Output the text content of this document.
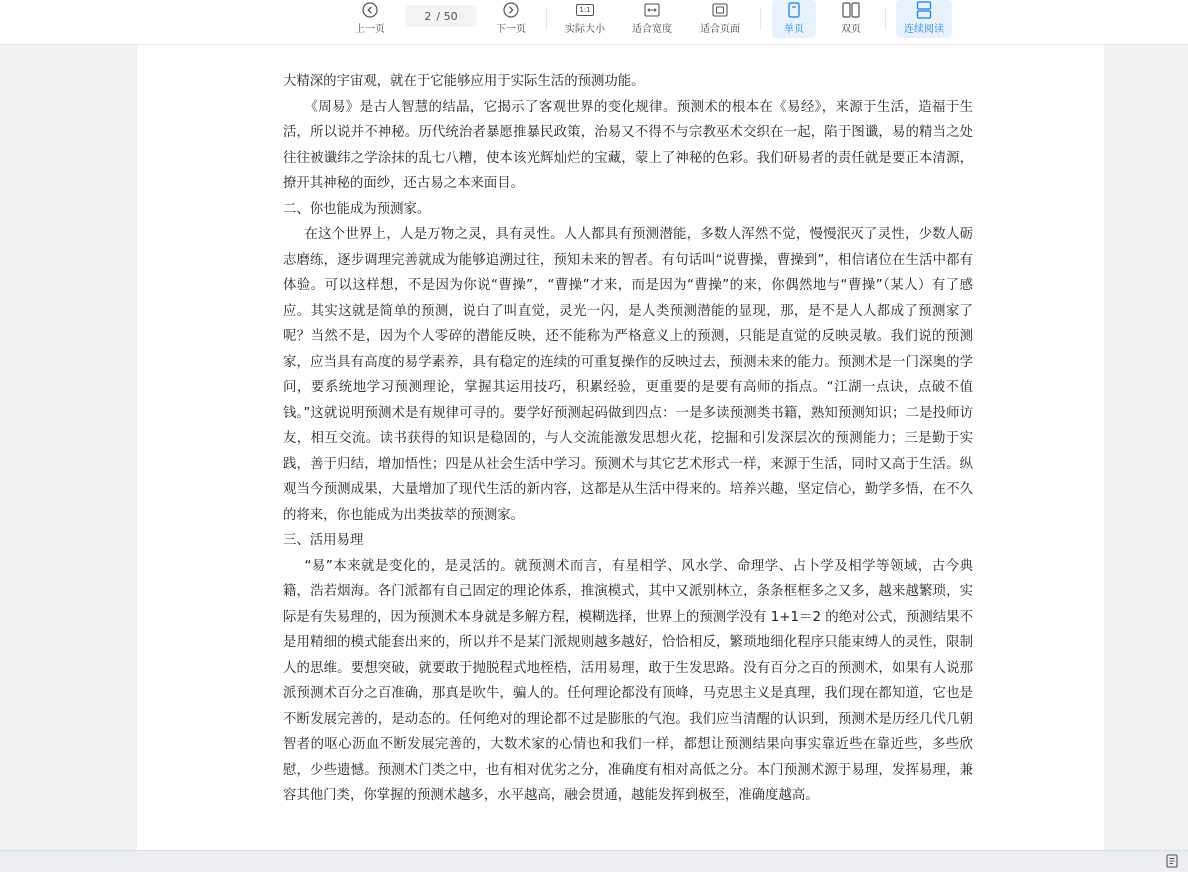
上一页
2 / 50
下一页
1:1
实际大小	适合宽度	适合页面	单页	双页	连续阅读

大精深的宇宙观，就在于它能够应用于实际生活的预测功能。

《周易》是古人智慧的结晶，它揭示了客观世界的变化规律。预测术的根本在《易经》，来源于生活，造福于生活，所以说并不神秘。历代统治者暴愿推暴民政策，治易又不得不与宗教巫术交织在一起，陷于图谶，易的精当之处往往被谶纬之学涂抹的乱七八糟，使本该光辉灿烂的宝藏，蒙上了神秘的色彩。我们研易者的责任就是要正本清源，撩开其神秘的面纱，还古易之本来面目。

二、你也能成为预测家。

在这个世界上，人是万物之灵，具有灵性。人人都具有预测潜能，多数人浑然不觉，慢慢泯灭了灵性，少数人砺志磨练，逐步调理完善就成为能够追溯过往，预知未来的智者。有句话叫“说曹操，曹操到”，相信诸位在生活中都有体验。可以这样想，不是因为你说“曹操”，“曹操”才来，而是因为“曹操”的来，你偶然地与“曹操”（某人）有了感应。其实这就是简单的预测，说白了叫直觉，灵光一闪，是人类预测潜能的显现，那，是不是人人都成了预测家了呢？当然不是，因为个人零碎的潜能反映，还不能称为严格意义上的预测，只能是直觉的反映灵敏。我们说的预测家，应当具有高度的易学素养，具有稳定的连续的可重复操作的反映过去，预测未来的能力。预测术是一门深奥的学问，要系统地学习预测理论，掌握其运用技巧，积累经验，更重要的是要有高师的指点。“江湖一点诀，点破不值钱。”这就说明预测术是有规律可寻的。要学好预测起码做到四点：一是多读预测类书籍，熟知预测知识；二是投师访友，相互交流。读书获得的知识是稳固的，与人交流能激发思想火花，挖掘和引发深层次的预测能力；三是勤于实践，善于归结，增加悟性；四是从社会生活中学习。预测术与其它艺术形式一样，来源于生活，同时又高于生活。纵观当今预测成果，大量增加了现代生活的新内容，这都是从生活中得来的。培养兴趣，坚定信心，勤学多悟，在不久的将来，你也能成为出类拔萃的预测家。

三、活用易理

“易”本来就是变化的，是灵活的。就预测术而言，有星相学、风水学、命理学、占卜学及相学等领域，古今典籍，浩若烟海。各门派都有自己固定的理论体系，推演模式，其中又派别林立，条条框框多之又多，越来越繁琐，实际是有失易理的，因为预测术本身就是多解方程，模糊选择，世界上的预测学没有 1+1＝2 的绝对公式，预测结果不是用精细的模式能套出来的，所以并不是某门派规则越多越好，恰恰相反，繁琐地细化程序只能束缚人的灵性，限制人的思维。要想突破，就要敢于抛脱程式地桎梏，活用易理，敢于生发思路。没有百分之百的预测术，如果有人说那派预测术百分之百准确，那真是吹牛，骗人的。任何理论都没有顶峰，马克思主义是真理，我们现在都知道，它也是不断发展完善的，是动态的。任何绝对的理论都不过是膨胀的气泡。我们应当清醒的认识到，预测术是历经几代几朝智者的呕心沥血不断发展完善的，大数术家的心情也和我们一样，都想让预测结果向事实靠近些在靠近些，多些欣慰，少些遗憾。预测术门类之中，也有相对优劣之分，准确度有相对高低之分。本门预测术源于易理，发挥易理，兼容其他门类，你掌握的预测术越多，水平越高，融会贯通，越能发挥到极至，准确度越高。
